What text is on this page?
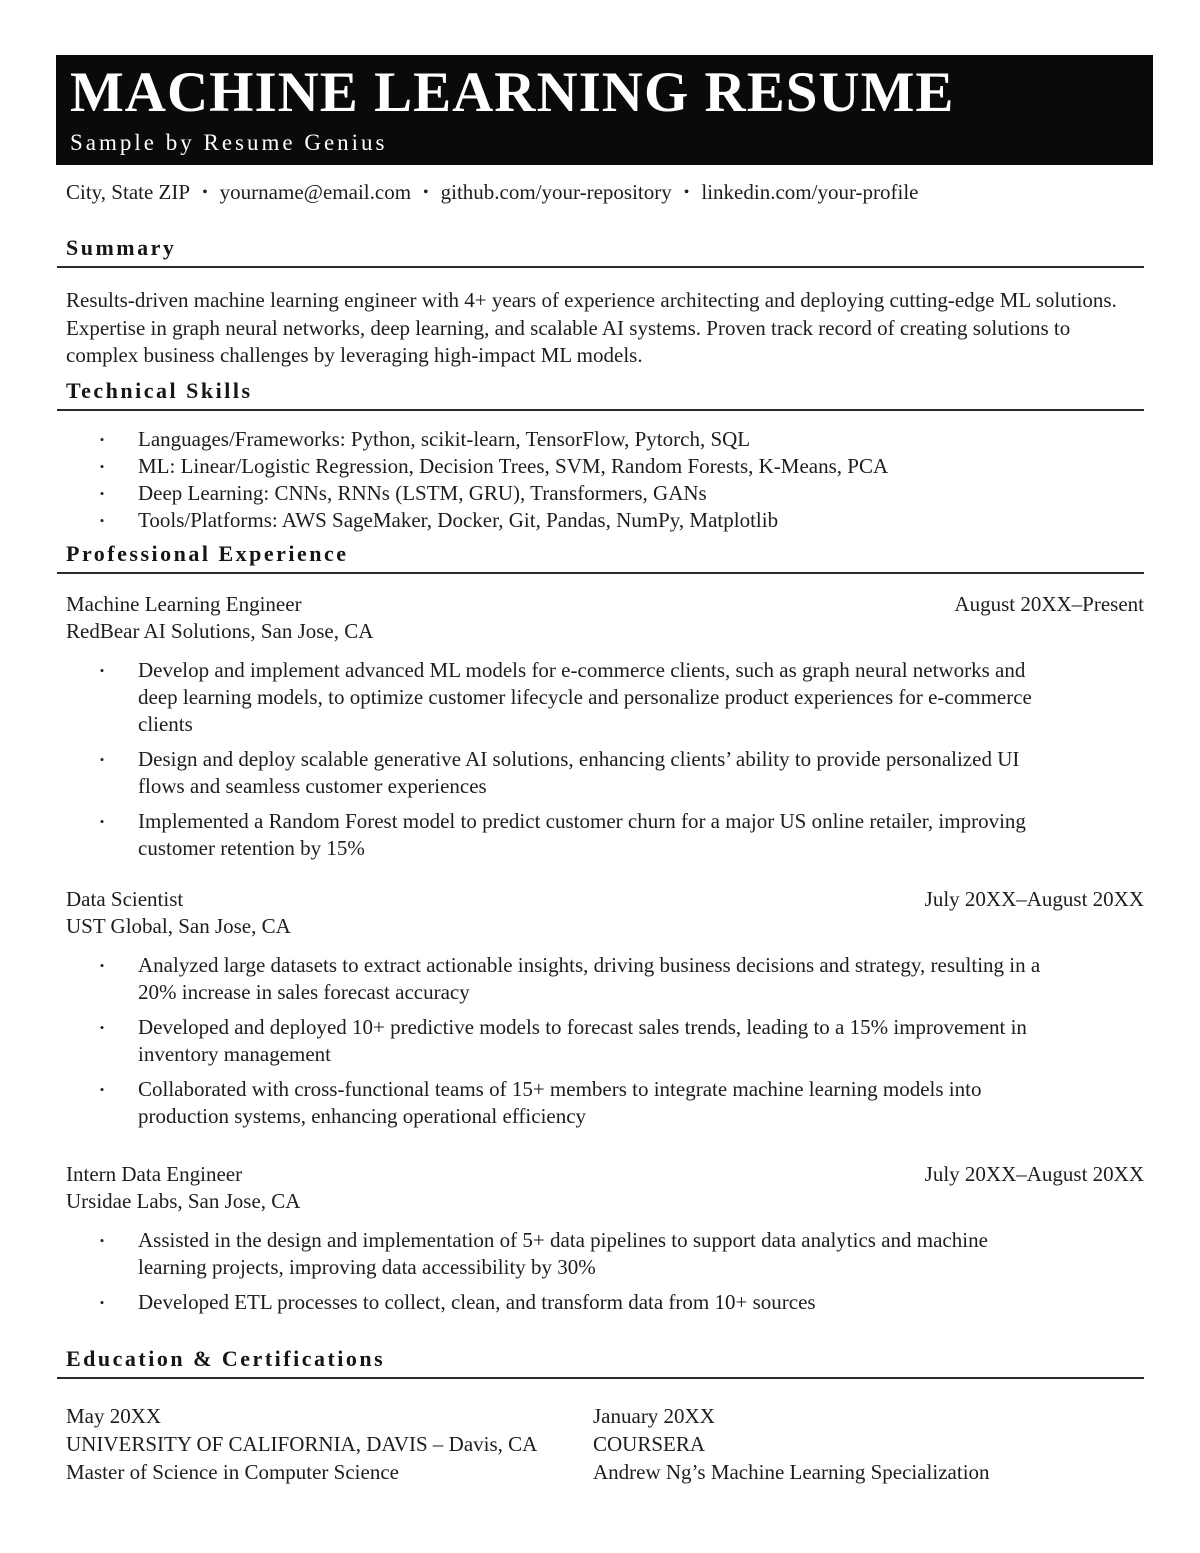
MACHINE LEARNING RESUME
Sample by Resume Genius
City, State ZIP • yourname@email.com • github.com/your-repository • linkedin.com/your-profile
Summary

Results-driven machine learning engineer with 4+ years of experience architecting and deploying cutting-edge ML solutions. Expertise in graph neural networks, deep learning, and scalable AI systems. Proven track record of creating solutions to complex business challenges by leveraging high-impact ML models.

Technical Skills
•	Languages/Frameworks: Python, scikit-learn, TensorFlow, Pytorch, SQL
•	ML: Linear/Logistic Regression, Decision Trees, SVM, Random Forests, K-Means, PCA
•	Deep Learning: CNNs, RNNs (LSTM, GRU), Transformers, GANs
•	Tools/Platforms: AWS SageMaker, Docker, Git, Pandas, NumPy, Matplotlib
Professional Experience
Machine Learning Engineer	August 20XX–Present
RedBear AI Solutions, San Jose, CA
•	Develop and implement advanced ML models for e-commerce clients, such as graph neural networks and deep learning models, to optimize customer lifecycle and personalize product experiences for e-commerce clients
•	Design and deploy scalable generative AI solutions, enhancing clients’ ability to provide personalized UI flows and seamless customer experiences
•	Implemented a Random Forest model to predict customer churn for a major US online retailer, improving customer retention by 15%
Data Scientist	July 20XX–August 20XX
UST Global, San Jose, CA
•	Analyzed large datasets to extract actionable insights, driving business decisions and strategy, resulting in a 20% increase in sales forecast accuracy
•	Developed and deployed 10+ predictive models to forecast sales trends, leading to a 15% improvement in inventory management
•	Collaborated with cross-functional teams of 15+ members to integrate machine learning models into production systems, enhancing operational efficiency
Intern Data Engineer	July 20XX–August 20XX
Ursidae Labs, San Jose, CA
•	Assisted in the design and implementation of 5+ data pipelines to support data analytics and machine learning projects, improving data accessibility by 30%
•	Developed ETL processes to collect, clean, and transform data from 10+ sources
Education & Certifications
May 20XX
UNIVERSITY OF CALIFORNIA, DAVIS – Davis, CA
Master of Science in Computer Science
January 20XX
COURSERA
Andrew Ng’s Machine Learning Specialization
